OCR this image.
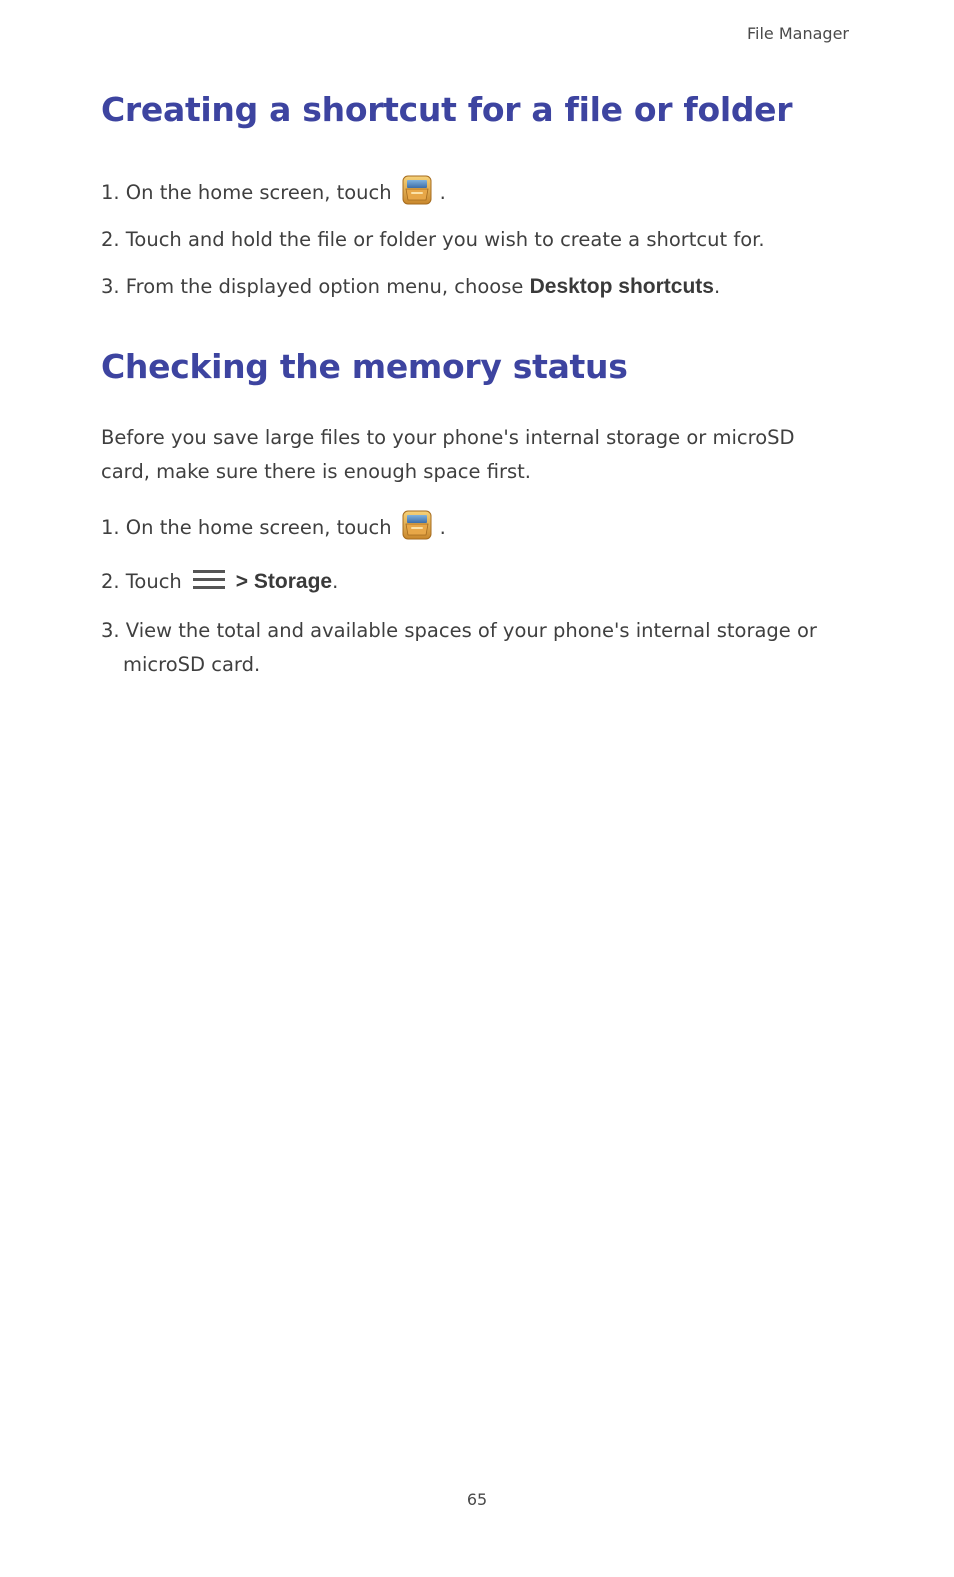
File Manager
Creating a shortcut for a file or folder
1. On the home screen, touch .
2. Touch and hold the file or folder you wish to create a shortcut for.
3. From the displayed option menu, choose Desktop shortcuts.
Checking the memory status

Before you save large files to your phone's internal storage or microSD card, make sure there is enough space first.

1. On the home screen, touch .
2. Touch	> Storage.
3. View the total and available spaces of your phone's internal storage or
microSD card.
65
